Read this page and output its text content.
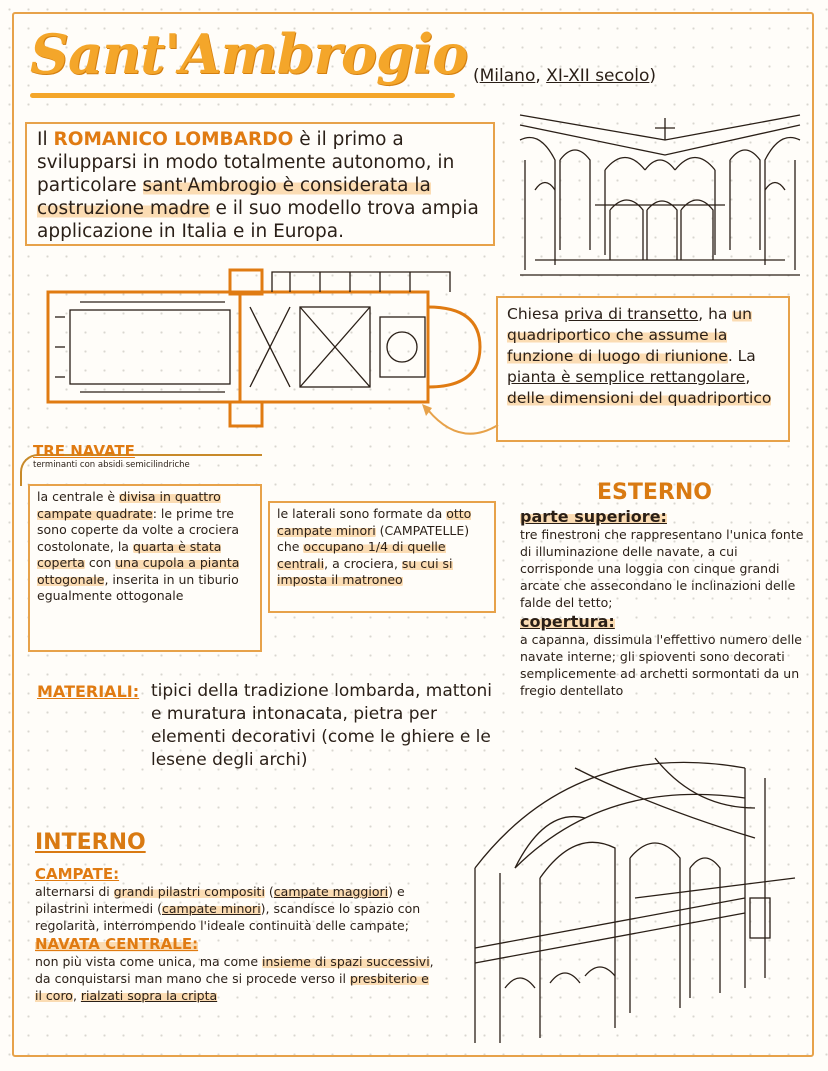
Sant'Ambrogio (Milano, XI-XII secolo)
Il ROMANICO LOMBARDO è il primo a svilupparsi in modo totalmente autonomo, in particolare sant'Ambrogio è considerata la costruzione madre e il suo modello trova ampia applicazione in Italia e in Europa.
Chiesa priva di transetto, ha un quadriportico che assume la funzione di luogo di riunione. La pianta è semplice rettangolare, delle dimensioni del quadriportico
TRE NAVATE
terminanti con absidi semicilindriche
la centrale è divisa in quattro campate quadrate: le prime tre sono coperte da volte a crociera costolonate, la quarta è stata coperta con una cupola a pianta ottogonale, inserita in un tiburio egualmente ottogonale
le laterali sono formate da otto campate minori (CAMPATELLE) che occupano 1/4 di quelle centrali, a crociera, su cui si imposta il matroneo
ESTERNO
parte superiore:
tre finestroni che rappresentano l'unica fonte di illuminazione delle navate, a cui corrisponde una loggia con cinque grandi arcate che assecondano le inclinazioni delle falde del tetto;
copertura:
a capanna, dissimula l'effettivo numero delle navate interne; gli spioventi sono decorati semplicemente ad archetti sormontati da un fregio dentellato
MATERIALI: tipici della tradizione lombarda, mattoni e muratura intonacata, pietra per elementi decorativi (come le ghiere e le lesene degli archi)
INTERNO
CAMPATE:
alternarsi di grandi pilastri compositi (campate maggiori) e pilastrini intermedi (campate minori), scandisce lo spazio con regolarità, interrompendo l'ideale continuità delle campate;
NAVATA CENTRALE:
non più vista come unica, ma come insieme di spazi successivi, da conquistarsi man mano che si procede verso il presbiterio e il coro, rialzati sopra la cripta
